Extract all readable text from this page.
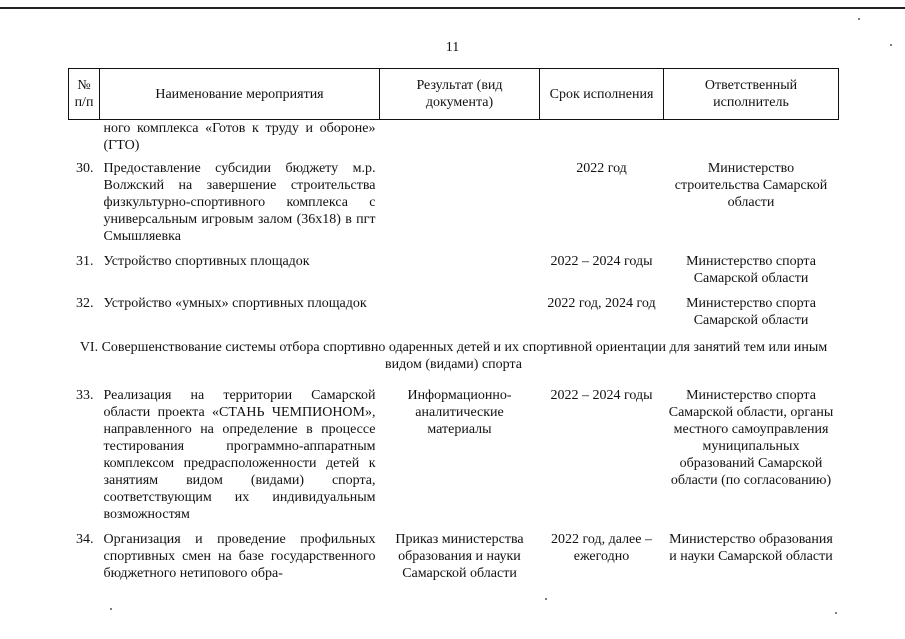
11
№ п/п	Наименование мероприятия	Результат (вид документа)	Срок исполнения	Ответственный исполнитель
	ного комплекса «Готов к труду и обороне» (ГТО)			
30.	Предоставление субсидии бюджету м.р. Волжский на завершение строительства физкультурно-спортивного комплекса с универсальным игровым залом (36х18) в пгт Смышляевка		2022 год	Министерство строительства Самарской области

31.	Устройство спортивных площадок		2022 – 2024 годы	Министерство спорта Самарской области

32.	Устройство «умных» спортивных площадок		2022 год, 2024 год	Министерство спорта Самарской области
VI. Совершенствование системы отбора спортивно одаренных детей и их спортивной ориентации для занятий тем или иным видом (видами) спорта				
33.	Реализация на территории Самарской области проекта «СТАНЬ ЧЕМПИОНОМ», направленного на определение в процессе тестирования программно-аппаратным комплексом предрасположенности детей к занятиям видом (видами) спорта, соответствующим их индивидуальным возможностям	Информационно-аналитические материалы	2022 – 2024 годы	Министерство спорта Самарской области, органы местного самоуправления муниципальных образований Самарской области (по согласованию)

34.	Организация и проведение профильных спортивных смен на базе государственного бюджетного нетипового обра-	Приказ министерства образования и науки Самарской области	2022 год, далее – ежегодно	Министерство образования и науки Самарской области
